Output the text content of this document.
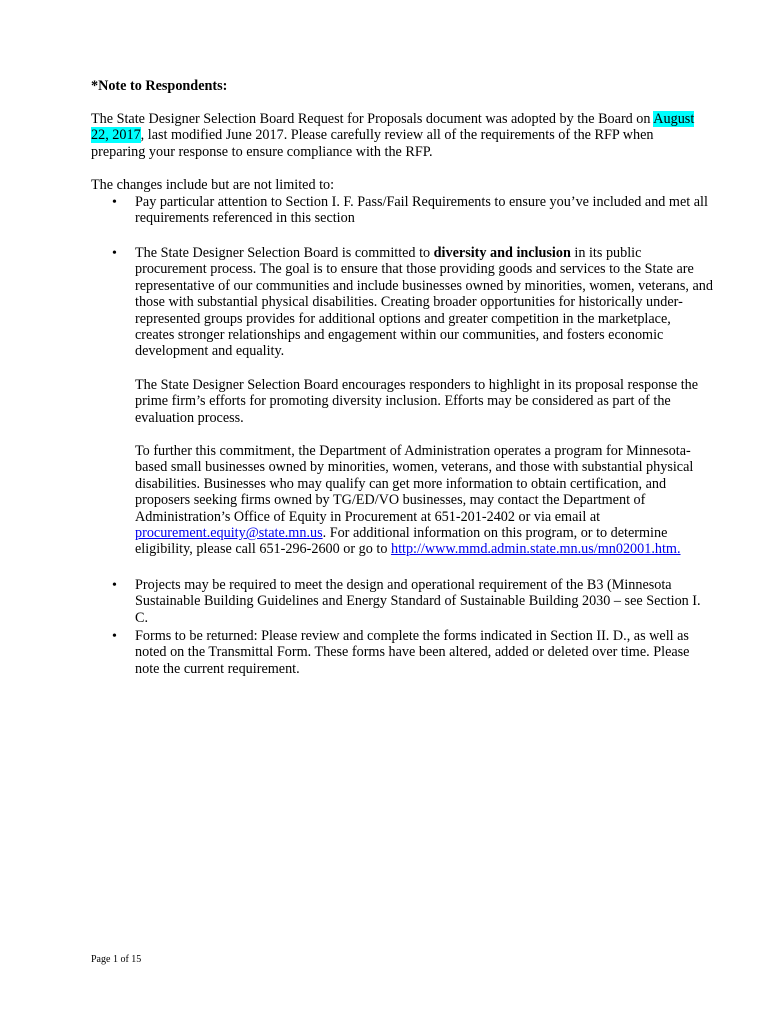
*Note to Respondents:

The State Designer Selection Board Request for Proposals document was adopted by the Board on August 22, 2017, last modified June 2017. Please carefully review all of the requirements of the RFP when preparing your response to ensure compliance with the RFP.

The changes include but are not limited to:

•

Pay particular attention to Section I. F. Pass/Fail Requirements to ensure you’ve included and met all requirements referenced in this section

•

The State Designer Selection Board is committed to diversity and inclusion in its public procurement process. The goal is to ensure that those providing goods and services to the State are representative of our communities and include businesses owned by minorities, women, veterans, and those with substantial physical disabilities. Creating broader opportunities for historically under-represented groups provides for additional options and greater competition in the marketplace, creates stronger relationships and engagement within our communities, and fosters economic development and equality.

The State Designer Selection Board encourages responders to highlight in its proposal response the prime firm’s efforts for promoting diversity inclusion. Efforts may be considered as part of the evaluation process.

To further this commitment, the Department of Administration operates a program for Minnesota-based small businesses owned by minorities, women, veterans, and those with substantial physical disabilities. Businesses who may qualify can get more information to obtain certification, and proposers seeking firms owned by TG/ED/VO businesses, may contact the Department of Administration’s Office of Equity in Procurement at 651-201-2402 or via email at procurement.equity@state.mn.us. For additional information on this program, or to determine eligibility, please call 651-296-2600 or go to http://www.mmd.admin.state.mn.us/mn02001.htm.

•

Projects may be required to meet the design and operational requirement of the B3 (Minnesota Sustainable Building Guidelines and Energy Standard of Sustainable Building 2030 – see Section I. C.

•

Forms to be returned: Please review and complete the forms indicated in Section II. D., as well as noted on the Transmittal Form. These forms have been altered, added or deleted over time. Please note the current requirement.

Page 1 of 15
